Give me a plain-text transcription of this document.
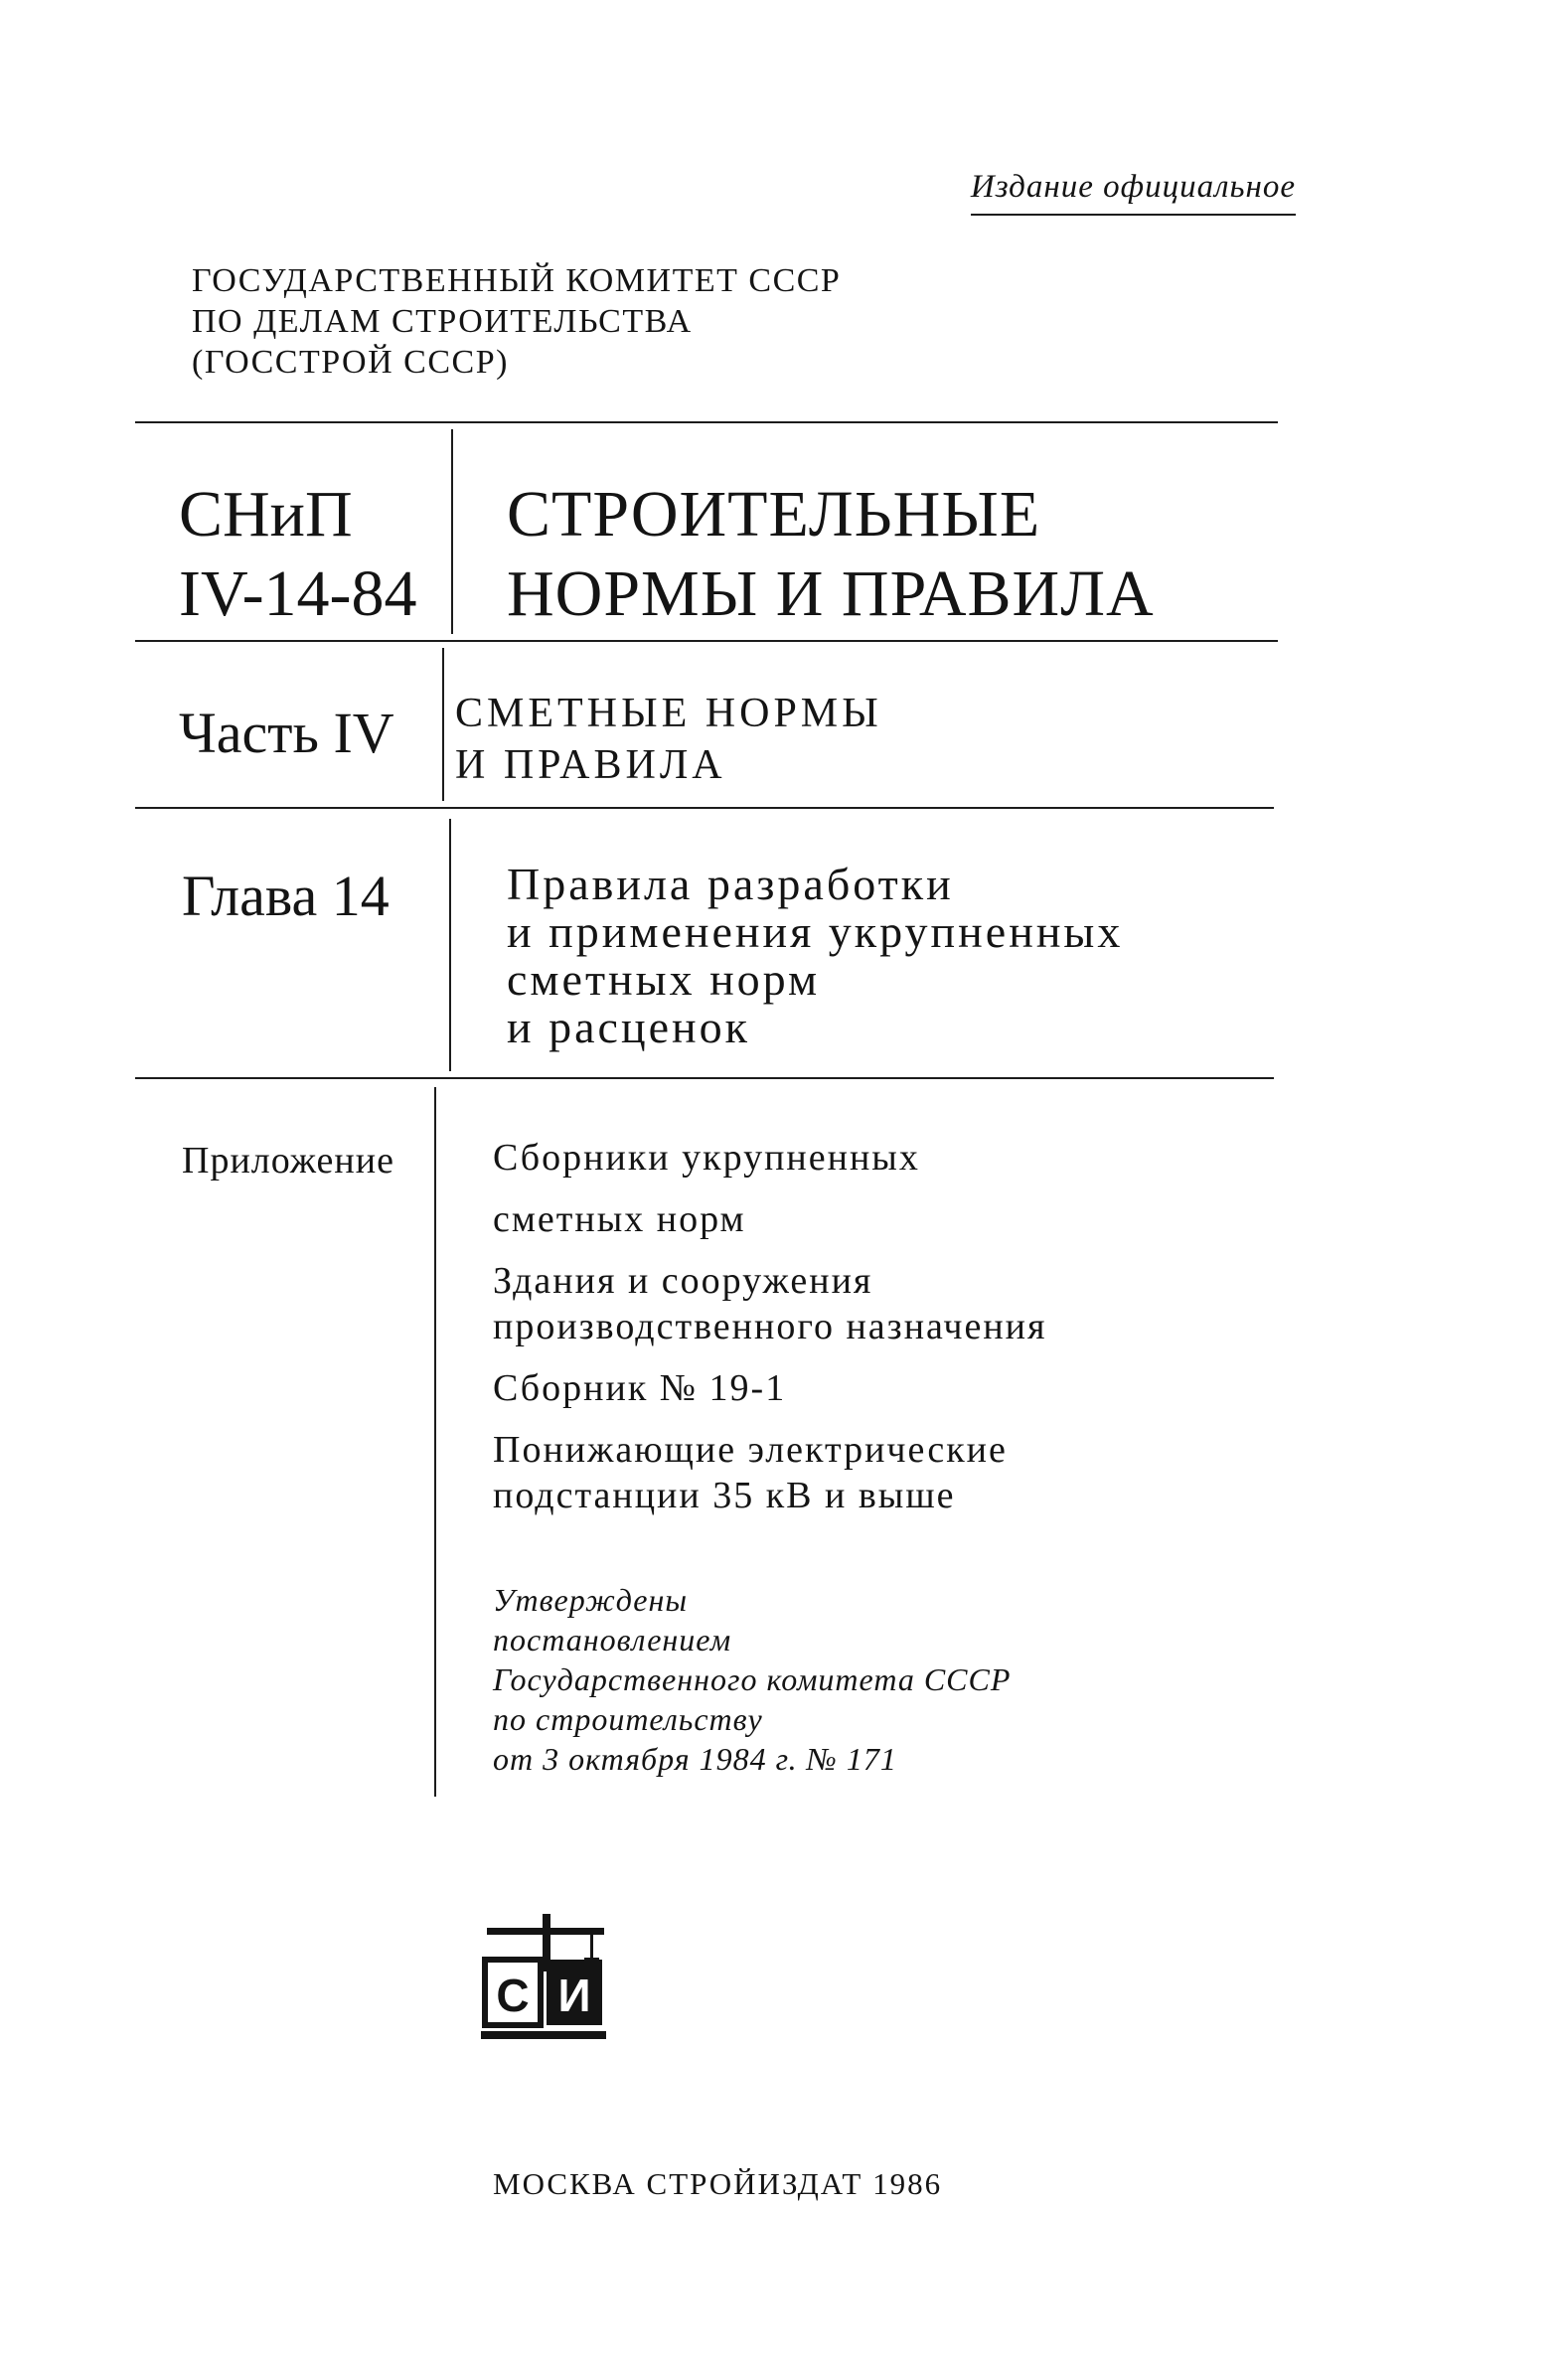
Издание официальное
ГОСУДАРСТВЕННЫЙ КОМИТЕТ СССР
ПО ДЕЛАМ СТРОИТЕЛЬСТВА
(ГОССТРОЙ СССР)
СНиП
IV-14-84
СТРОИТЕЛЬНЫЕ
НОРМЫ И ПРАВИЛА
Часть IV СМЕТНЫЕ НОРМЫ
И ПРАВИЛА
Глава 14	Правила разработки
и применения укрупненных
сметных норм
и расценок
Приложение	Сборники укрупненных
сметных норм
Здания и сооружения
производственного назначения
Сборник № 19-1
Понижающие электрические
подстанции 35 кВ и выше
Утверждены
постановлением
Государственного комитета СССР
по строительству
от 3 октября 1984 г. № 171
С И
МОСКВА СТРОЙИЗДАТ 1986
